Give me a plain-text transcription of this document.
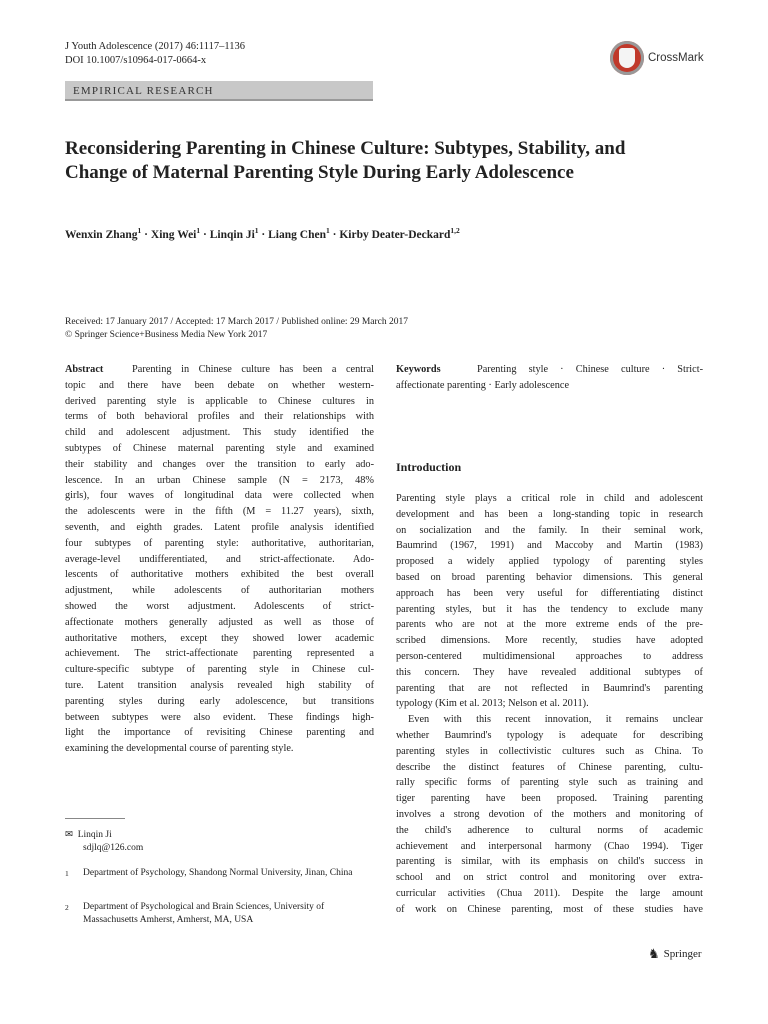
J Youth Adolescence (2017) 46:1117–1136
DOI 10.1007/s10964-017-0664-x	CrossMark
EMPIRICAL RESEARCH
Reconsidering Parenting in Chinese Culture: Subtypes, Stability, and Change of Maternal Parenting Style During Early Adolescence
Wenxin Zhang$^1$ · Xing Wei$^1$ · Linqin $Ji^1$ · Liang Chen$^1$ · Kirby Deater-Deckard$^{1,2}$
Received: 17 January 2017 / Accepted: 17 March 2017 / Published online: 29 March 2017
© Springer Science+Business Media New York 2017
Abstract	Parenting in Chinese culture has been a central
topic and there have been debate on whether western-
derived parenting style is applicable to Chinese cultures in
terms of both behavioral profiles and their relationships with
child and adolescent adjustment. This study identified the
subtypes of Chinese maternal parenting style and examined
their stability and changes over the transition to early ado-
lescence. In an urban Chinese sample (N = 2173, 48%
girls), four waves of longitudinal data were collected when
the adolescents were in the fifth (M = 11.27 years), sixth,
seventh, and eighth grades. Latent profile analysis identified
four subtypes of parenting style: authoritative, authoritarian,
average-level undifferentiated, and strict-affectionate. Ado-
lescents of authoritative mothers exhibited the best overall
adjustment, while adolescents of authoritarian mothers
showed the worst adjustment. Adolescents of strict-
affectionate mothers generally adjusted as well as those of
authoritative mothers, except they showed lower academic
achievement. The strict-affectionate parenting represented a
culture-specific subtype of parenting style in Chinese cul-
ture. Latent transition analysis revealed high stability of
parenting styles during early adolescence, but transitions
between subtypes were also evident. These findings high-
light the importance of revisiting Chinese parenting and
examining the developmental course of parenting style.
Keywords	Parenting style · Chinese culture · Strict-
affectionate parenting · Early adolescence
Introduction
Parenting style plays a critical role in child and adolescent
development and has been a long-standing topic in research
on socialization and the family. In their seminal work,
Baumrind (1967, 1991) and Maccoby and Martin (1983)
proposed a widely applied typology of parenting styles
based on broad parenting behavior dimensions. This general
approach has been very useful for differentiating distinct
parenting styles, but it has the tendency to exclude many
parents who are not at the more extreme ends of the pre-
scribed dimensions. More recently, studies have adopted
person-centered multidimensional approaches to address
this concern. They have revealed additional subtypes of
parenting that are not reflected in Baumrind's parenting
typology (Kim et al. 2013; Nelson et al. 2011).
Even with this recent innovation, it remains unclear
whether Baumrind's typology is adequate for describing
parenting styles in collectivistic cultures such as China. To
describe the distinct features of Chinese parenting, cultu-
rally specific forms of parenting style such as training and
tiger parenting have been proposed. Training parenting
involves a strong devotion of the mothers and monitoring of
the child's adherence to cultural norms of academic
achievement and interpersonal harmony (Chao 1994). Tiger
parenting is similar, with its emphasis on child's success in
school and on strict control and monitoring over extra-
curricular activities (Chua 2011). Despite the large amount
of work on Chinese parenting, most of these studies have
✉ Linqin Ji
sdjlq@126.com
1 Department of Psychology, Shandong Normal University, Jinan, China
2 Department of Psychological and Brain Sciences, University of Massachusetts Amherst, Amherst, MA, USA
♞ Springer
